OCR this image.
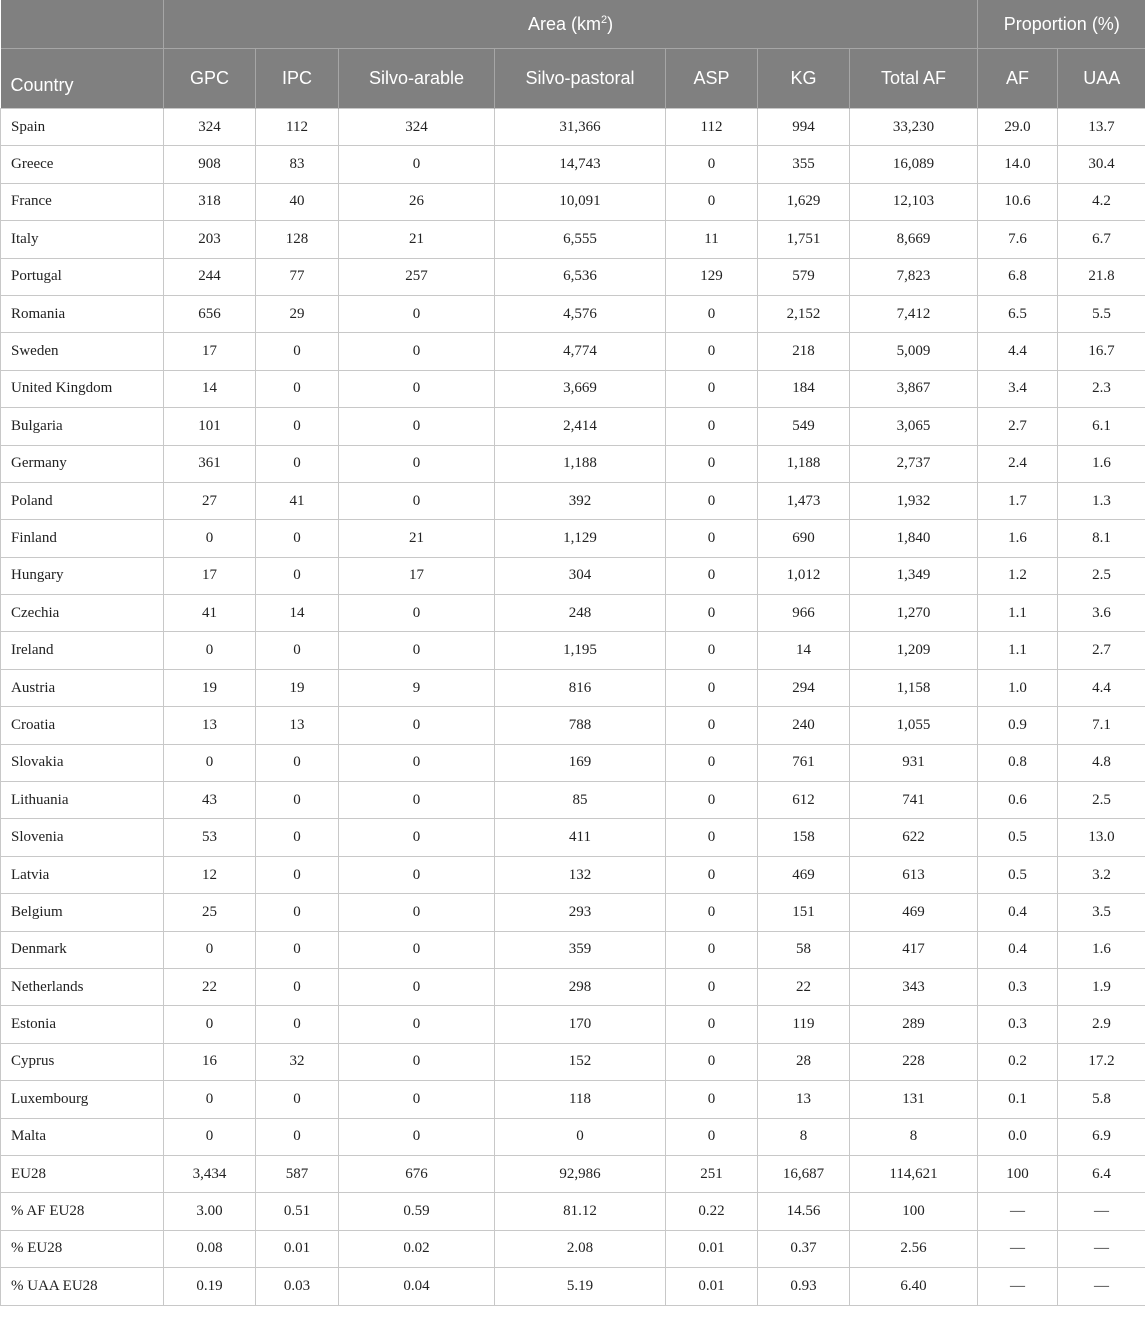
	Area $(km^2)$							Proportion (%)	
Country	GPC	IPC	Silvo-arable	Silvo-pastoral	ASP	KG	Total AF	AF	UAA
Spain	324	112	324	31,366	112	994	33,230	29.0	13.7
Greece	908	83	0	14,743	0	355	16,089	14.0	30.4
France	318	40	26	10,091	0	1,629	12,103	10.6	4.2
Italy	203	128	21	6,555	11	1,751	8,669	7.6	6.7
Portugal	244	77	257	6,536	129	579	7,823	6.8	21.8
Romania	656	29	0	4,576	0	2,152	7,412	6.5	5.5
Sweden	17	0	0	4,774	0	218	5,009	4.4	16.7
United Kingdom	14	0	0	3,669	0	184	3,867	3.4	2.3
Bulgaria	101	0	0	2,414	0	549	3,065	2.7	6.1
Germany	361	0	0	1,188	0	1,188	2,737	2.4	1.6
Poland	27	41	0	392	0	1,473	1,932	1.7	1.3
Finland	0	0	21	1,129	0	690	1,840	1.6	8.1
Hungary	17	0	17	304	0	1,012	1,349	1.2	2.5
Czechia	41	14	0	248	0	966	1,270	1.1	3.6
Ireland	0	0	0	1,195	0	14	1,209	1.1	2.7
Austria	19	19	9	816	0	294	1,158	1.0	4.4
Croatia	13	13	0	788	0	240	1,055	0.9	7.1
Slovakia	0	0	0	169	0	761	931	0.8	4.8
Lithuania	43	0	0	85	0	612	741	0.6	2.5
Slovenia	53	0	0	411	0	158	622	0.5	13.0
Latvia	12	0	0	132	0	469	613	0.5	3.2
Belgium	25	0	0	293	0	151	469	0.4	3.5
Denmark	0	0	0	359	0	58	417	0.4	1.6
Netherlands	22	0	0	298	0	22	343	0.3	1.9
Estonia	0	0	0	170	0	119	289	0.3	2.9
Cyprus	16	32	0	152	0	28	228	0.2	17.2
Luxembourg	0	0	0	118	0	13	131	0.1	5.8
Malta	0	0	0	0	0	8	8	0.0	6.9
EU28	3,434	587	676	92,986	251	16,687	114,621	100	6.4
% AF EU28	3.00	0.51	0.59	81.12	0.22	14.56	100	—	—
% EU28	0.08	0.01	0.02	2.08	0.01	0.37	2.56	—	—
% UAA EU28	0.19	0.03	0.04	5.19	0.01	0.93	6.40	—	—
